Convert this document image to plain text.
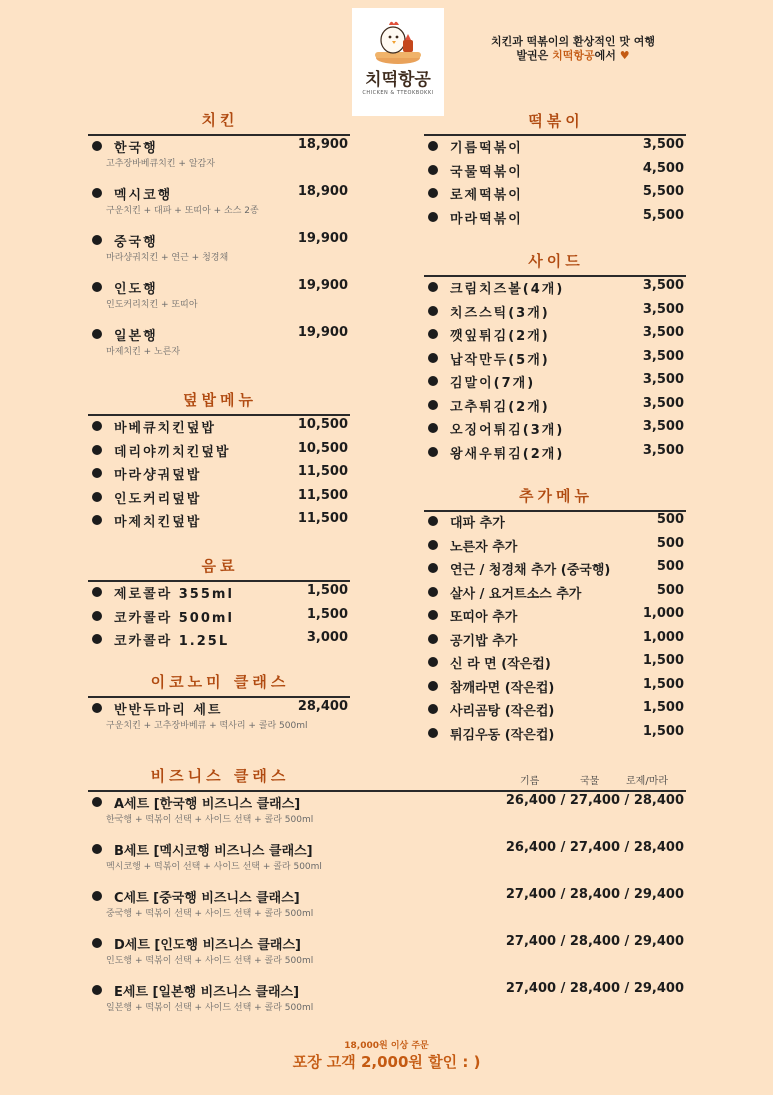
치떡항공
CHICKEN & TTEOKBOKKI
치킨과 떡볶이의 환상적인 맛 여행
발권은 치떡항공에서 ♥
치킨
한국행	18,900
고추장바베큐치킨 + 알감자
멕시코행	18,900
구운치킨 + 대파 + 또띠아 + 소스 2종
중국행	19,900
마라샹궈치킨 + 연근 + 청경채
인도행	19,900
인도커리치킨 + 또띠아
일본행	19,900
마제치킨 + 노른자
덮밥메뉴
바베큐치킨덮밥	10,500
데리야끼치킨덮밥	10,500
마라샹궈덮밥	11,500
인도커리덮밥	11,500
마제치킨덮밥	11,500
음료
제로콜라 355ml	1,500
코카콜라 500ml	1,500
코카콜라 1.25L	3,000
이코노미 클래스
반반두마리 세트	28,400
구운치킨 + 고추장바베큐 + 떡사리 + 콜라 500ml
떡볶이
기름떡볶이	3,500
국물떡볶이	4,500
로제떡볶이	5,500
마라떡볶이	5,500
사이드
크림치즈볼(4개)	3,500
치즈스틱(3개)	3,500
깻잎튀김(2개)	3,500
납작만두(5개)	3,500
김말이(7개)	3,500
고추튀김(2개)	3,500
오징어튀김(3개)	3,500
왕새우튀김(2개)	3,500
추가메뉴
대파 추가	500
노른자 추가	500
연근 / 청경채 추가 (중국행)	500
살사 / 요거트소스 추가	500
또띠아 추가	1,000
공기밥 추가	1,000
신 라 면 (작은컵)	1,500
참깨라면 (작은컵)	1,500
사리곰탕 (작은컵)	1,500
튀김우동 (작은컵)	1,500
비즈니스 클래스
A세트 [한국행 비즈니스 클래스]	26,400 / 27,400 / 28,400
한국행 + 떡볶이 선택 + 사이드 선택 + 콜라 500ml
B세트 [멕시코행 비즈니스 클래스]	26,400 / 27,400 / 28,400
멕시코행 + 떡볶이 선택 + 사이드 선택 + 콜라 500ml
C세트 [중국행 비즈니스 클래스]	27,400 / 28,400 / 29,400
중국행 + 떡볶이 선택 + 사이드 선택 + 콜라 500ml
D세트 [인도행 비즈니스 클래스]	27,400 / 28,400 / 29,400
인도행 + 떡볶이 선택 + 사이드 선택 + 콜라 500ml
E세트 [일본행 비즈니스 클래스]	27,400 / 28,400 / 29,400
일본행 + 떡볶이 선택 + 사이드 선택 + 콜라 500ml
기름	국물	로제/마라
18,000원 이상 주문
포장 고객 2,000원 할인 : )
